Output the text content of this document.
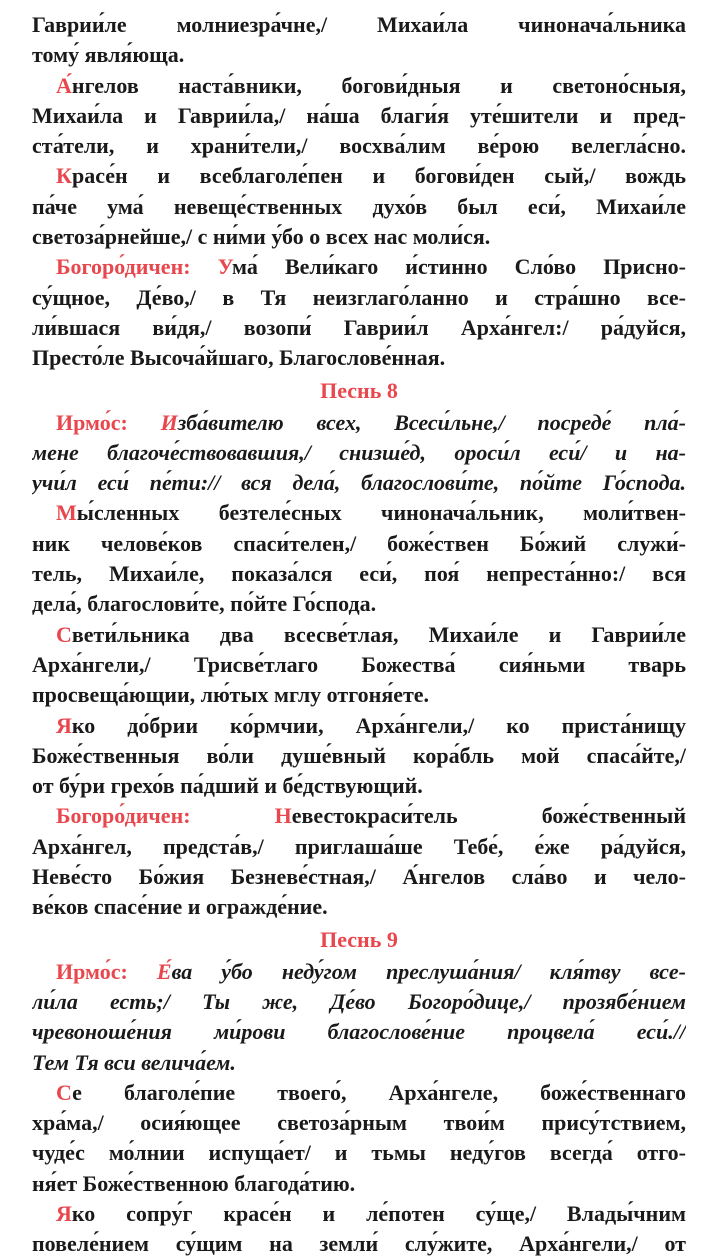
Гаврии́ле молниезра́чне,/ Михаи́ла чинонача́льника
тому́ явля́юща.
А́нгелов наста́вники, богови́дныя и светоно́сныя,
Михаи́ла и Гаврии́ла,/ на́ша благи́я уте́шители и пред-
ста́тели, и храни́тели,/ восхва́лим ве́рою велегла́сно.
Красе́н и всеблаголе́пен и богови́ден сый,/ вождь
па́че ума́ невеще́ственных духо́в был еси́, Михаи́ле
светоза́рнейше,/ с ни́ми у́бо о всех нас моли́ся.
Богоро́дичен: Ума́ Вели́каго и́стинно Сло́во Присно-
су́щное, Де́во,/ в Тя неизглаго́ланно и стра́шно всe-
ли́вшася ви́дя,/ возопи́ Гаврии́л Арха́нгел:/ ра́дуйся,
Престо́ле Высоча́йшаго, Благослове́нная.
Песнь 8
Ирмо́с: Изба́вителю всех, Всеси́льне,/ посреде́ пла́-
мене благоче́ствовавшия,/ снизше́д, ороси́л еси́/ и на-
учи́л еси́ пе́ти:// вся дела́, благослови́те, по́йте Го́спода.
Мы́сленных безтеле́сных чинонача́льник, моли́твен-
ник челове́ков спаси́телен,/ боже́ствен Бо́жий служи́-
тель, Михаи́ле, показа́лся еси́, поя́ непреста́нно:/ вся
дела́, благослови́те, по́йте Го́спода.
Свети́льника два всесве́тлая, Михаи́ле и Гаврии́ле
Арха́нгели,/ Трисве́тлаго Божества́ сия́ньми тварь
просвеща́ющии, лю́тых мглу отгоня́ете.
Яко до́брии ко́рмчии, Арха́нгели,/ ко приста́нищу
Боже́ственныя во́ли душе́вный кора́бль мой спаса́йте,/
от бу́ри грехо́в па́дший и бе́дствующий.
Богоро́дичен: Невестокраси́тель боже́ственный
Арха́нгел, предста́в,/ приглаша́ше Тебе́, е́же ра́дуйся,
Неве́сто Бо́жия Безневе́стная,/ А́нгелов сла́во и чело-
ве́ков спасе́ние и огражде́ние.
Песнь 9
Ирмо́с: Е́ва у́бо неду́гом преслуша́ния/ кля́тву всe-
ли́ла есть;/ Ты же, Де́во Богоро́дице,/ прозябе́нием
чревоноше́ния ми́рови благослове́ние процвела́ еси́.//
Тем Тя вси велича́ем.
Се благоле́пие твоего́, Арха́нгеле, боже́ственнаго
хра́ма,/ осия́ющее светоза́рным твои́м прису́тствием,
чуде́с мо́лнии испуща́ет/ и тьмы неду́гов всегда́ отго-
ня́ет Боже́ственною благода́тию.
Яко сопру́г красе́н и ле́потен су́ще,/ Влады́чним
повеле́нием су́щим на земли́ слу́жите, Арха́нгели,/ от
